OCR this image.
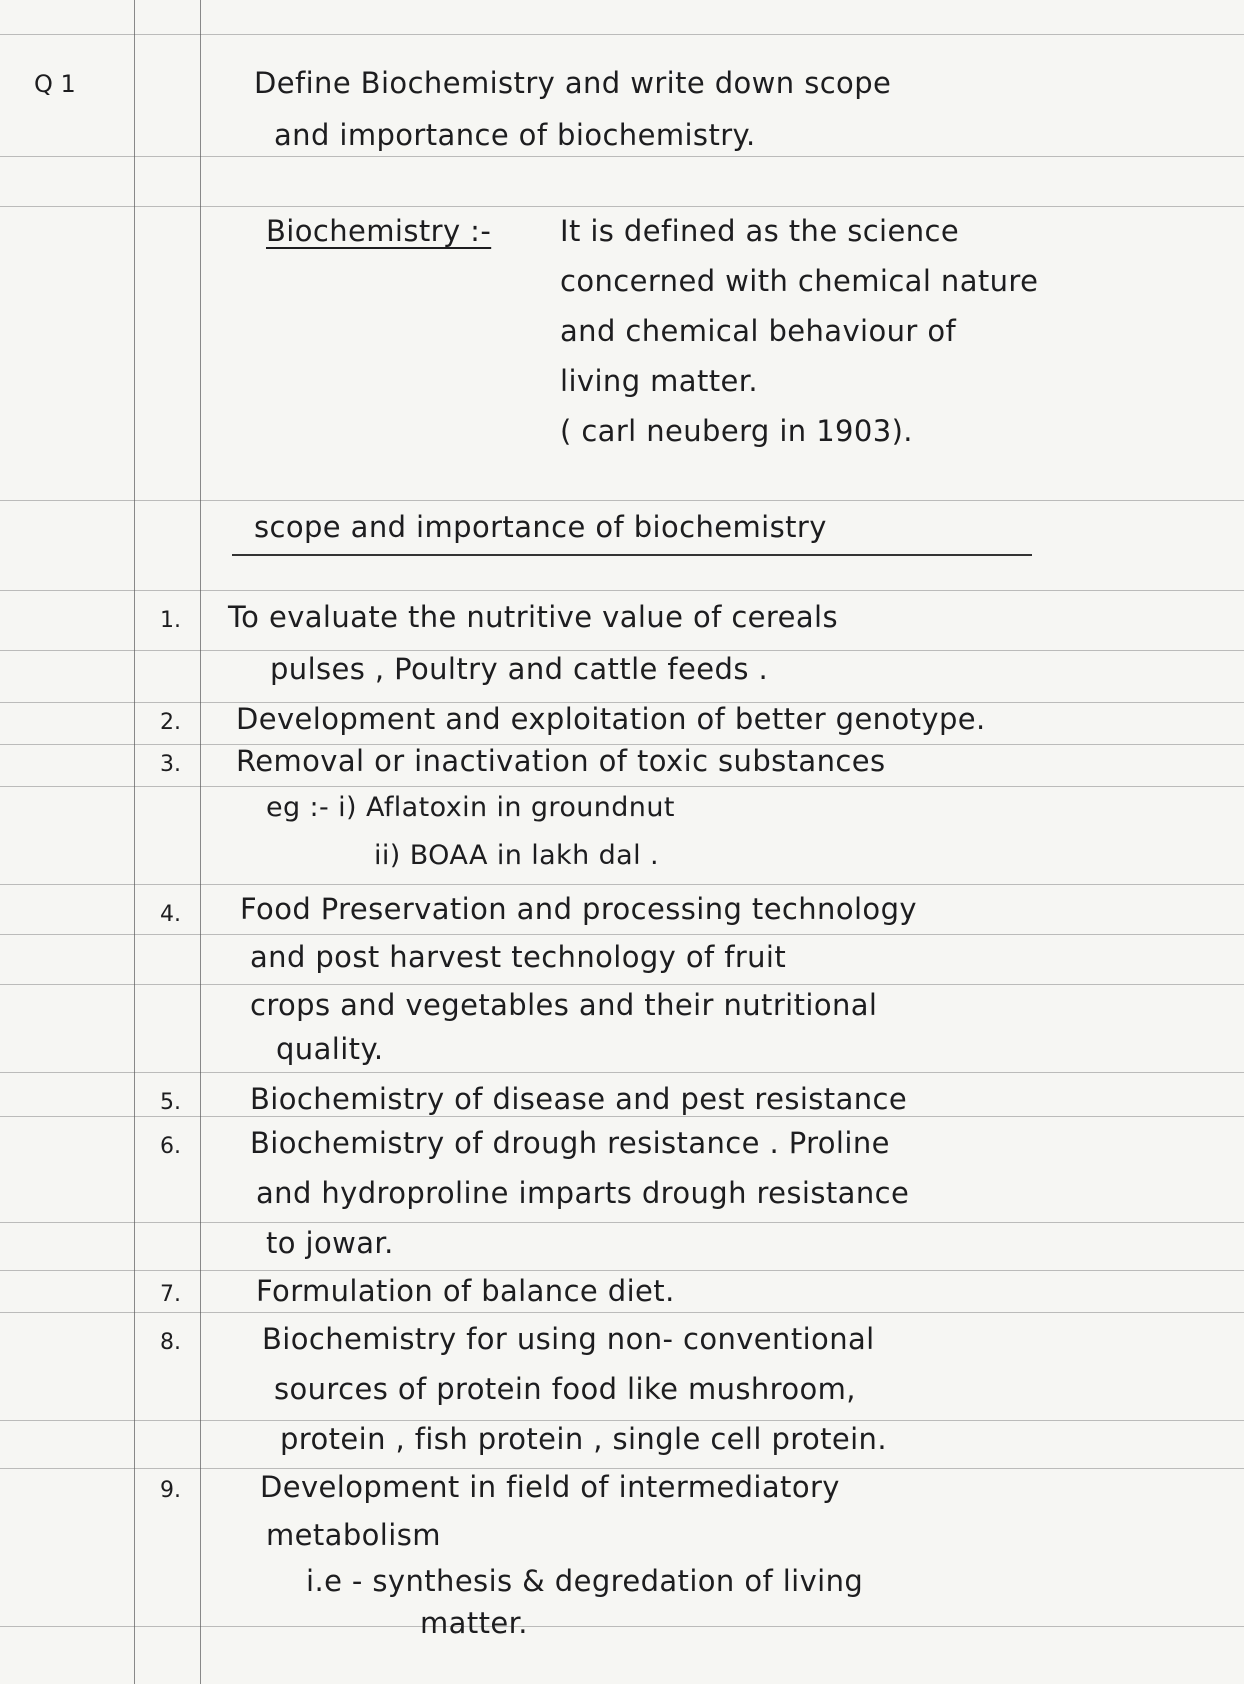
Q 1	Define Biochemistry and write down scope
and importance of biochemistry.
Biochemistry :- It is defined as the science
concerned with chemical nature
and chemical behaviour of
living matter.
( carl neuberg in 1903).
scope and importance of biochemistry
1. To evaluate the nutritive value of cereals
pulses , Poultry and cattle feeds .
2. Development and exploitation of better genotype.
3. Removal or inactivation of toxic substances
eg :- i) Aflatoxin in groundnut
ii) BOAA in lakh dal .
4. Food Preservation and processing technology
and post harvest technology of fruit
crops and vegetables and their nutritional
quality.
5. Biochemistry of disease and pest resistance
6. Biochemistry of drough resistance . Proline
and hydroproline imparts drough resistance
to jowar.
7.	Formulation of balance diet.
8.	Biochemistry for using non- conventional
sources of protein food like mushroom,
protein , fish protein , single cell protein.
9.	Development in field of intermediatory
metabolism
i.e - synthesis & degredation of living
matter.
